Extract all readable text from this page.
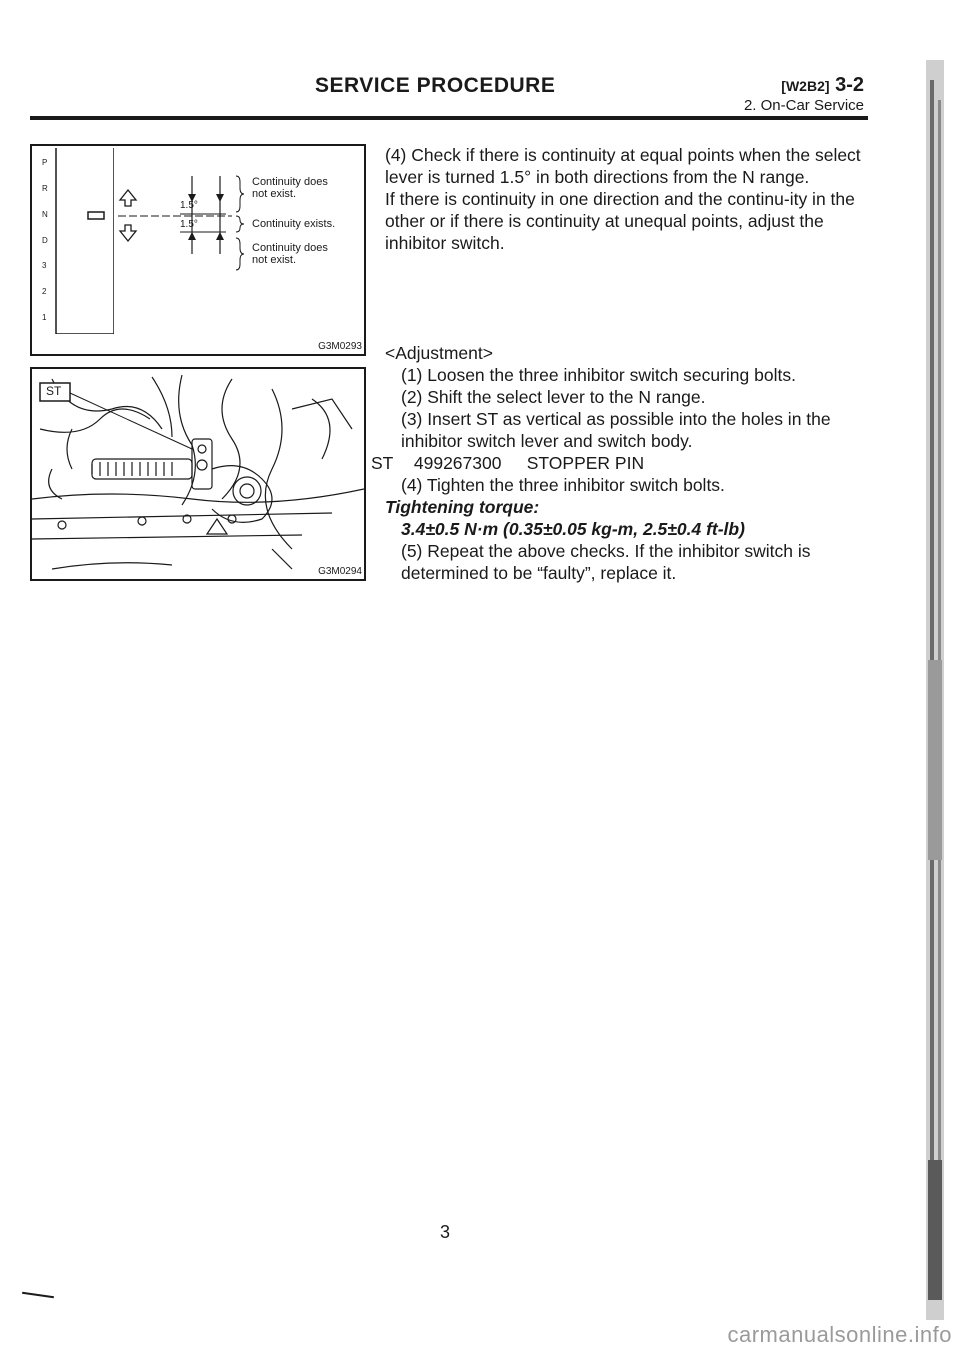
SERVICE PROCEDURE	[W2B2] 3-2
2. On-Car Service
P
R
N
D
3
2
1
1.5°
1.5°
Continuity does
not exist.
Continuity exists.
Continuity does
not exist.
G3M0293
ST
G3M0294

(4) Check if there is continuity at equal points when the select lever is turned 1.5° in both directions from the N range.

If there is continuity in one direction and the continu-ity in the other or if there is continuity at unequal points, adjust the inhibitor switch.

<Adjustment>

(1) Loosen the three inhibitor switch securing bolts.

(2) Shift the select lever to the N range.

(3) Insert ST as vertical as possible into the holes in the inhibitor switch lever and switch body.

ST 499267300 STOPPER PIN

(4) Tighten the three inhibitor switch bolts.

Tightening torque:

3.4±0.5 N·m (0.35±0.05 kg-m, 2.5±0.4 ft-lb)

(5) Repeat the above checks. If the inhibitor switch is determined to be “faulty”, replace it.

3
carmanualsonline.info
